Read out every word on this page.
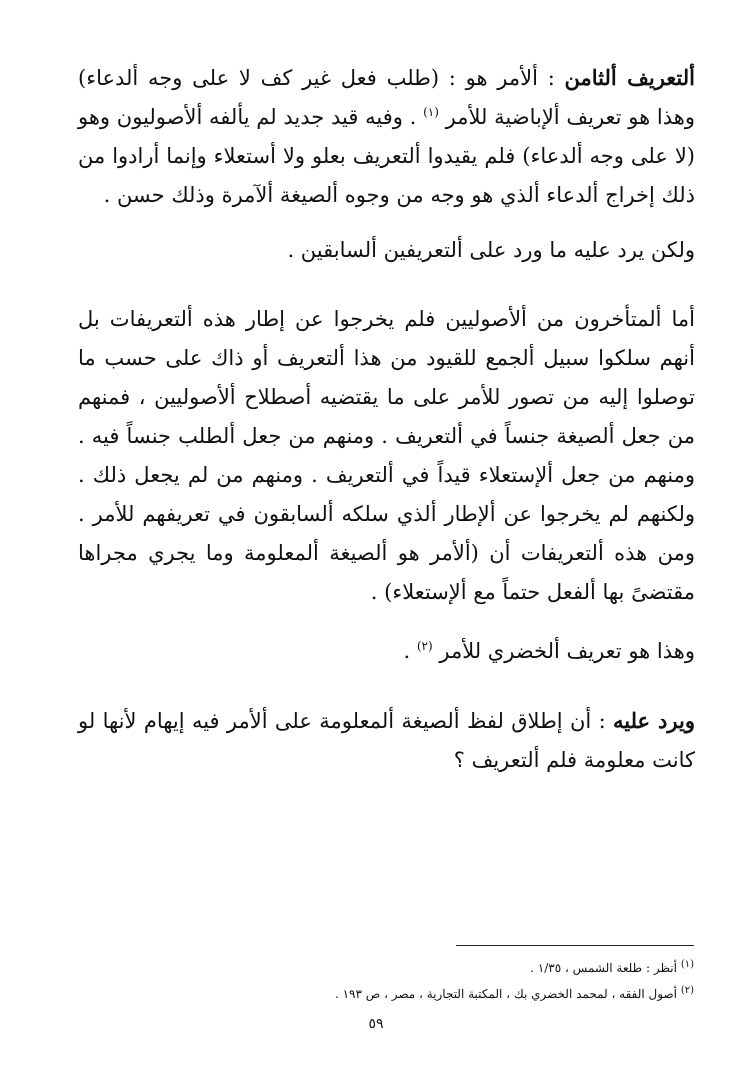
ألتعريف ألثامن : ألأمر هو : (طلب فعل غير كف لا على وجه ألدعاء) وهذا هو تعريف ألإباضية للأمر $^{(١)}$ . وفيه قيد جديد لم يألفه ألأصوليون وهو (لا على وجه ألدعاء) فلم يقيدوا ألتعريف بعلو ولا أستعلاء وإنما أرادوا من ذلك إخراج ألدعاء ألذي هو وجه من وجوه ألصيغة ألآمرة وذلك حسن .

ولكن يرد عليه ما ورد على ألتعريفين ألسابقين .

أما ألمتأخرون من ألأصوليين فلم يخرجوا عن إطار هذه ألتعريفات بل أنهم سلكوا سبيل ألجمع للقيود من هذا ألتعريف أو ذاك على حسب ما توصلوا إليه من تصور للأمر على ما يقتضيه أصطلاح ألأصوليين ، فمنهم من جعل ألصيغة جنساً في ألتعريف . ومنهم من جعل ألطلب جنساً فيه . ومنهم من جعل ألإستعلاء قيداً في ألتعريف . ومنهم من لم يجعل ذلك . ولكنهم لم يخرجوا عن ألإطار ألذي سلكه ألسابقون في تعريفهم للأمر . ومن هذه ألتعريفات أن (ألأمر هو ألصيغة ألمعلومة وما يجري مجراها مقتضىً بها ألفعل حتماً مع ألإستعلاء) .

وهذا هو تعريف ألخضري للأمر $^{(٢)}$ .

ويرد عليه : أن إطلاق لفظ ألصيغة ألمعلومة على ألأمر فيه إيهام لأنها لو كانت معلومة فلم ألتعريف ؟

$^{(١)}$ أنظر : طلعة الشمس ، ١/٣٥ .

$^{(٢)}$ أصول الفقه ، لمحمد الخضري بك ، المكتبة التجارية ، مصر ، ص ١٩٣ .

٥٩
